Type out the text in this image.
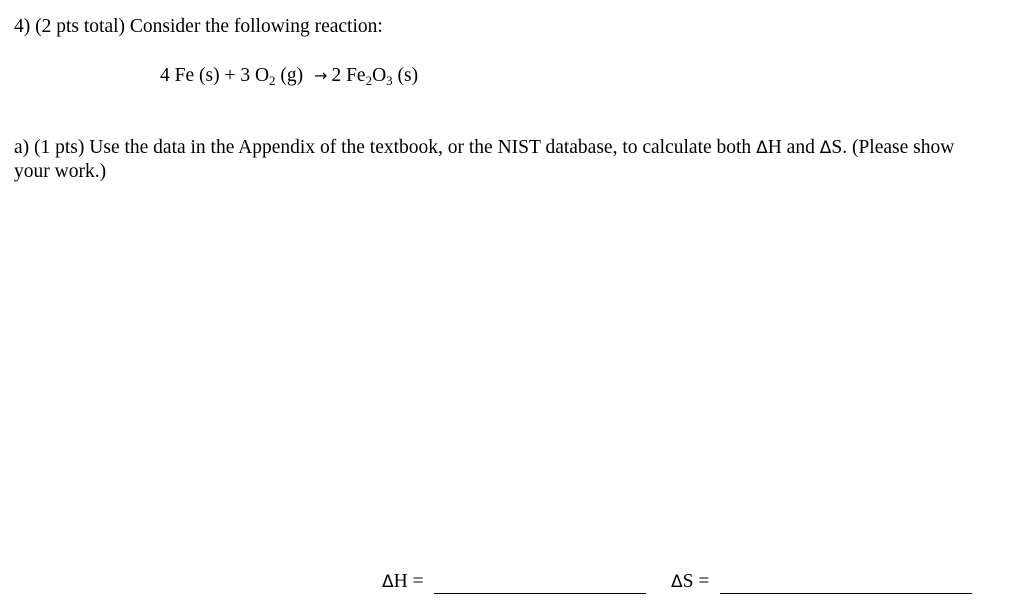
4) (2 pts total) Consider the following reaction:
4 Fe (s) + 3 $O_2$ (g) → 2 $Fe_2O_3$ (s)
a) (1 pts) Use the data in the Appendix of the textbook, or the NIST database, to calculate both ΔH and ΔS. (Please show
your work.)
ΔH =	ΔS =
